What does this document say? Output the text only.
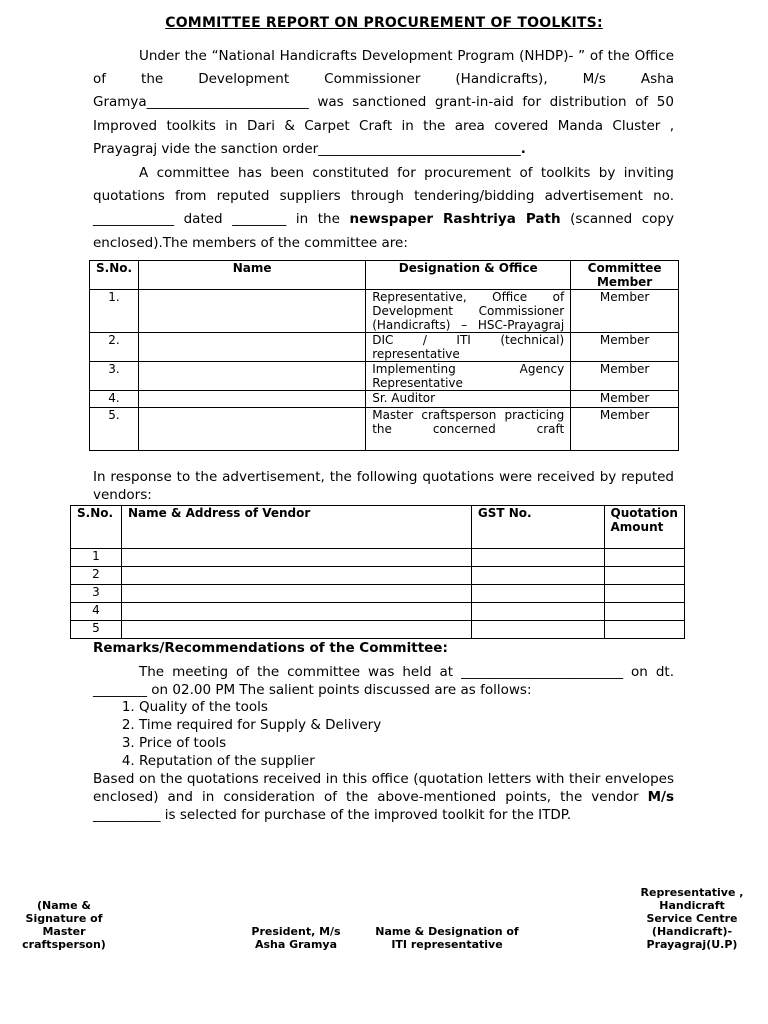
COMMITTEE REPORT ON PROCUREMENT OF TOOLKITS:
Under the “National Handicrafts Development Program (NHDP)- ” of the Office of the Development Commissioner (Handicrafts), M/s Asha Gramya________________________ was sanctioned grant-in-aid for distribution of 50 Improved toolkits in Dari & Carpet Craft in the area covered Manda Cluster , Prayagraj vide the sanction order______________________________.
A committee has been constituted for procurement of toolkits by inviting quotations from reputed suppliers through tendering/bidding advertisement no. ____________ dated ________ in the newspaper Rashtriya Path (scanned copy enclosed).The members of the committee are:
S.No.	Name	Designation & Office	Committee Member
1.		Representative, Office of Development Commissioner (Handicrafts) – HSC-Prayagraj	Member
2.		DIC / ITI (technical) representative	Member
3.		Implementing Agency Representative	Member
4.		Sr. Auditor	Member
5.		Master craftsperson practicing the concerned craft	Member
In response to the advertisement, the following quotations were received by reputed vendors:
S.No.	Name & Address of Vendor	GST No.	Quotation Amount
1			
2			
3			
4			
5			
Remarks/Recommendations of the Committee:
The meeting of the committee was held at ________________________ on dt. ________ on 02.00 PM The salient points discussed are as follows:
1. Quality of the tools
2. Time required for Supply & Delivery
3. Price of tools
4. Reputation of the supplier
Based on the quotations received in this office (quotation letters with their envelopes enclosed) and in consideration of the above-mentioned points, the vendor M/s __________ is selected for purchase of the improved toolkit for the ITDP.
(Name & Signature of Master craftsperson)
President, M/s Asha Gramya
Name & Designation of ITI representative
Representative , Handicraft Service Centre (Handicraft)-Prayagraj(U.P)
